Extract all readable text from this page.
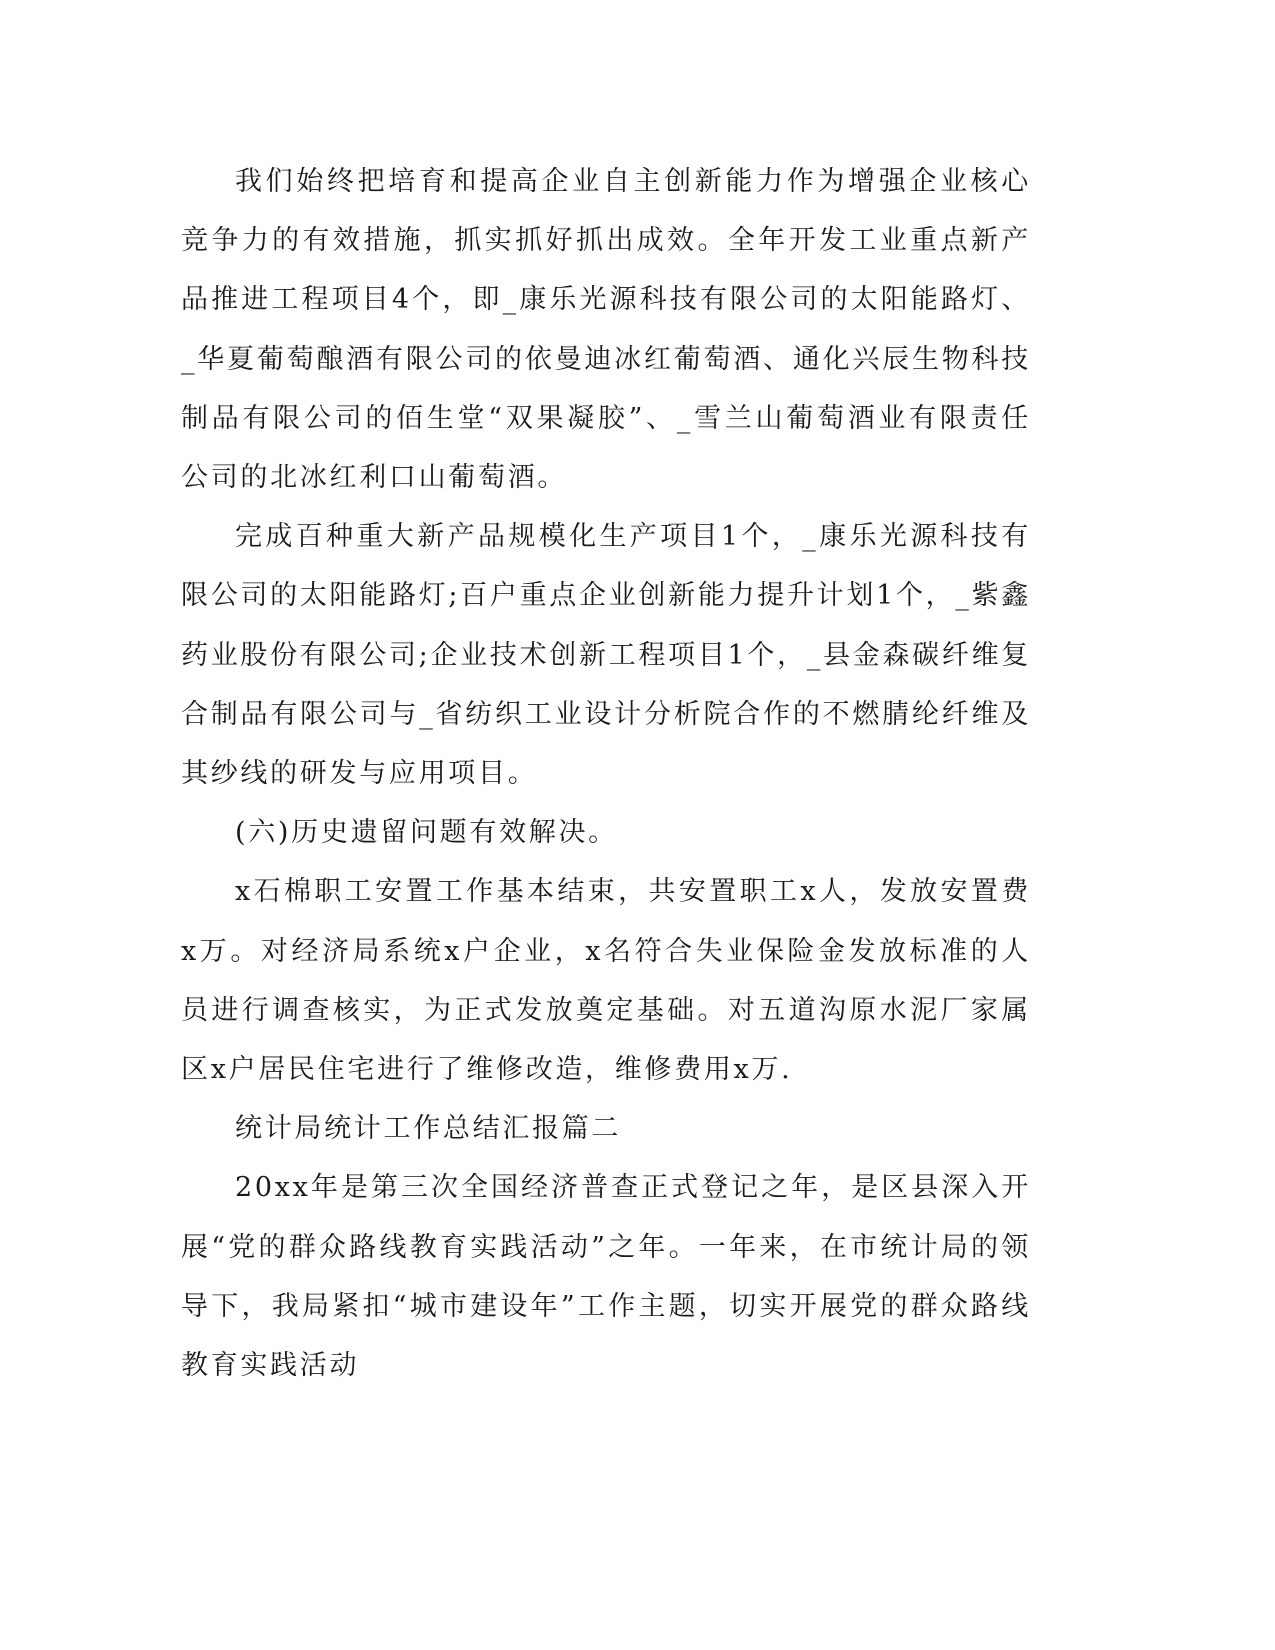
我们始终把培育和提高企业自主创新能力作为增强企业核心竞争力的有效措施，抓实抓好抓出成效。全年开发工业重点新产品推进工程项目4个，即_康乐光源科技有限公司的太阳能路灯、_华夏葡萄酿酒有限公司的依曼迪冰红葡萄酒、通化兴辰生物科技制品有限公司的佰生堂“双果凝胶”、_雪兰山葡萄酒业有限责任公司的北冰红利口山葡萄酒。

完成百种重大新产品规模化生产项目1个，_康乐光源科技有限公司的太阳能路灯;百户重点企业创新能力提升计划1个，_紫鑫药业股份有限公司;企业技术创新工程项目1个，_县金森碳纤维复合制品有限公司与_省纺织工业设计分析院合作的不燃腈纶纤维及其纱线的研发与应用项目。

(六)历史遗留问题有效解决。

x石棉职工安置工作基本结束，共安置职工x人，发放安置费x万。对经济局系统x户企业，x名符合失业保险金发放标准的人员进行调查核实，为正式发放奠定基础。对五道沟原水泥厂家属区x户居民住宅进行了维修改造，维修费用x万.

统计局统计工作总结汇报篇二

20xx年是第三次全国经济普查正式登记之年，是区县深入开展“党的群众路线教育实践活动”之年。一年来，在市统计局的领导下，我局紧扣“城市建设年”工作主题，切实开展党的群众路线教育实践活动
